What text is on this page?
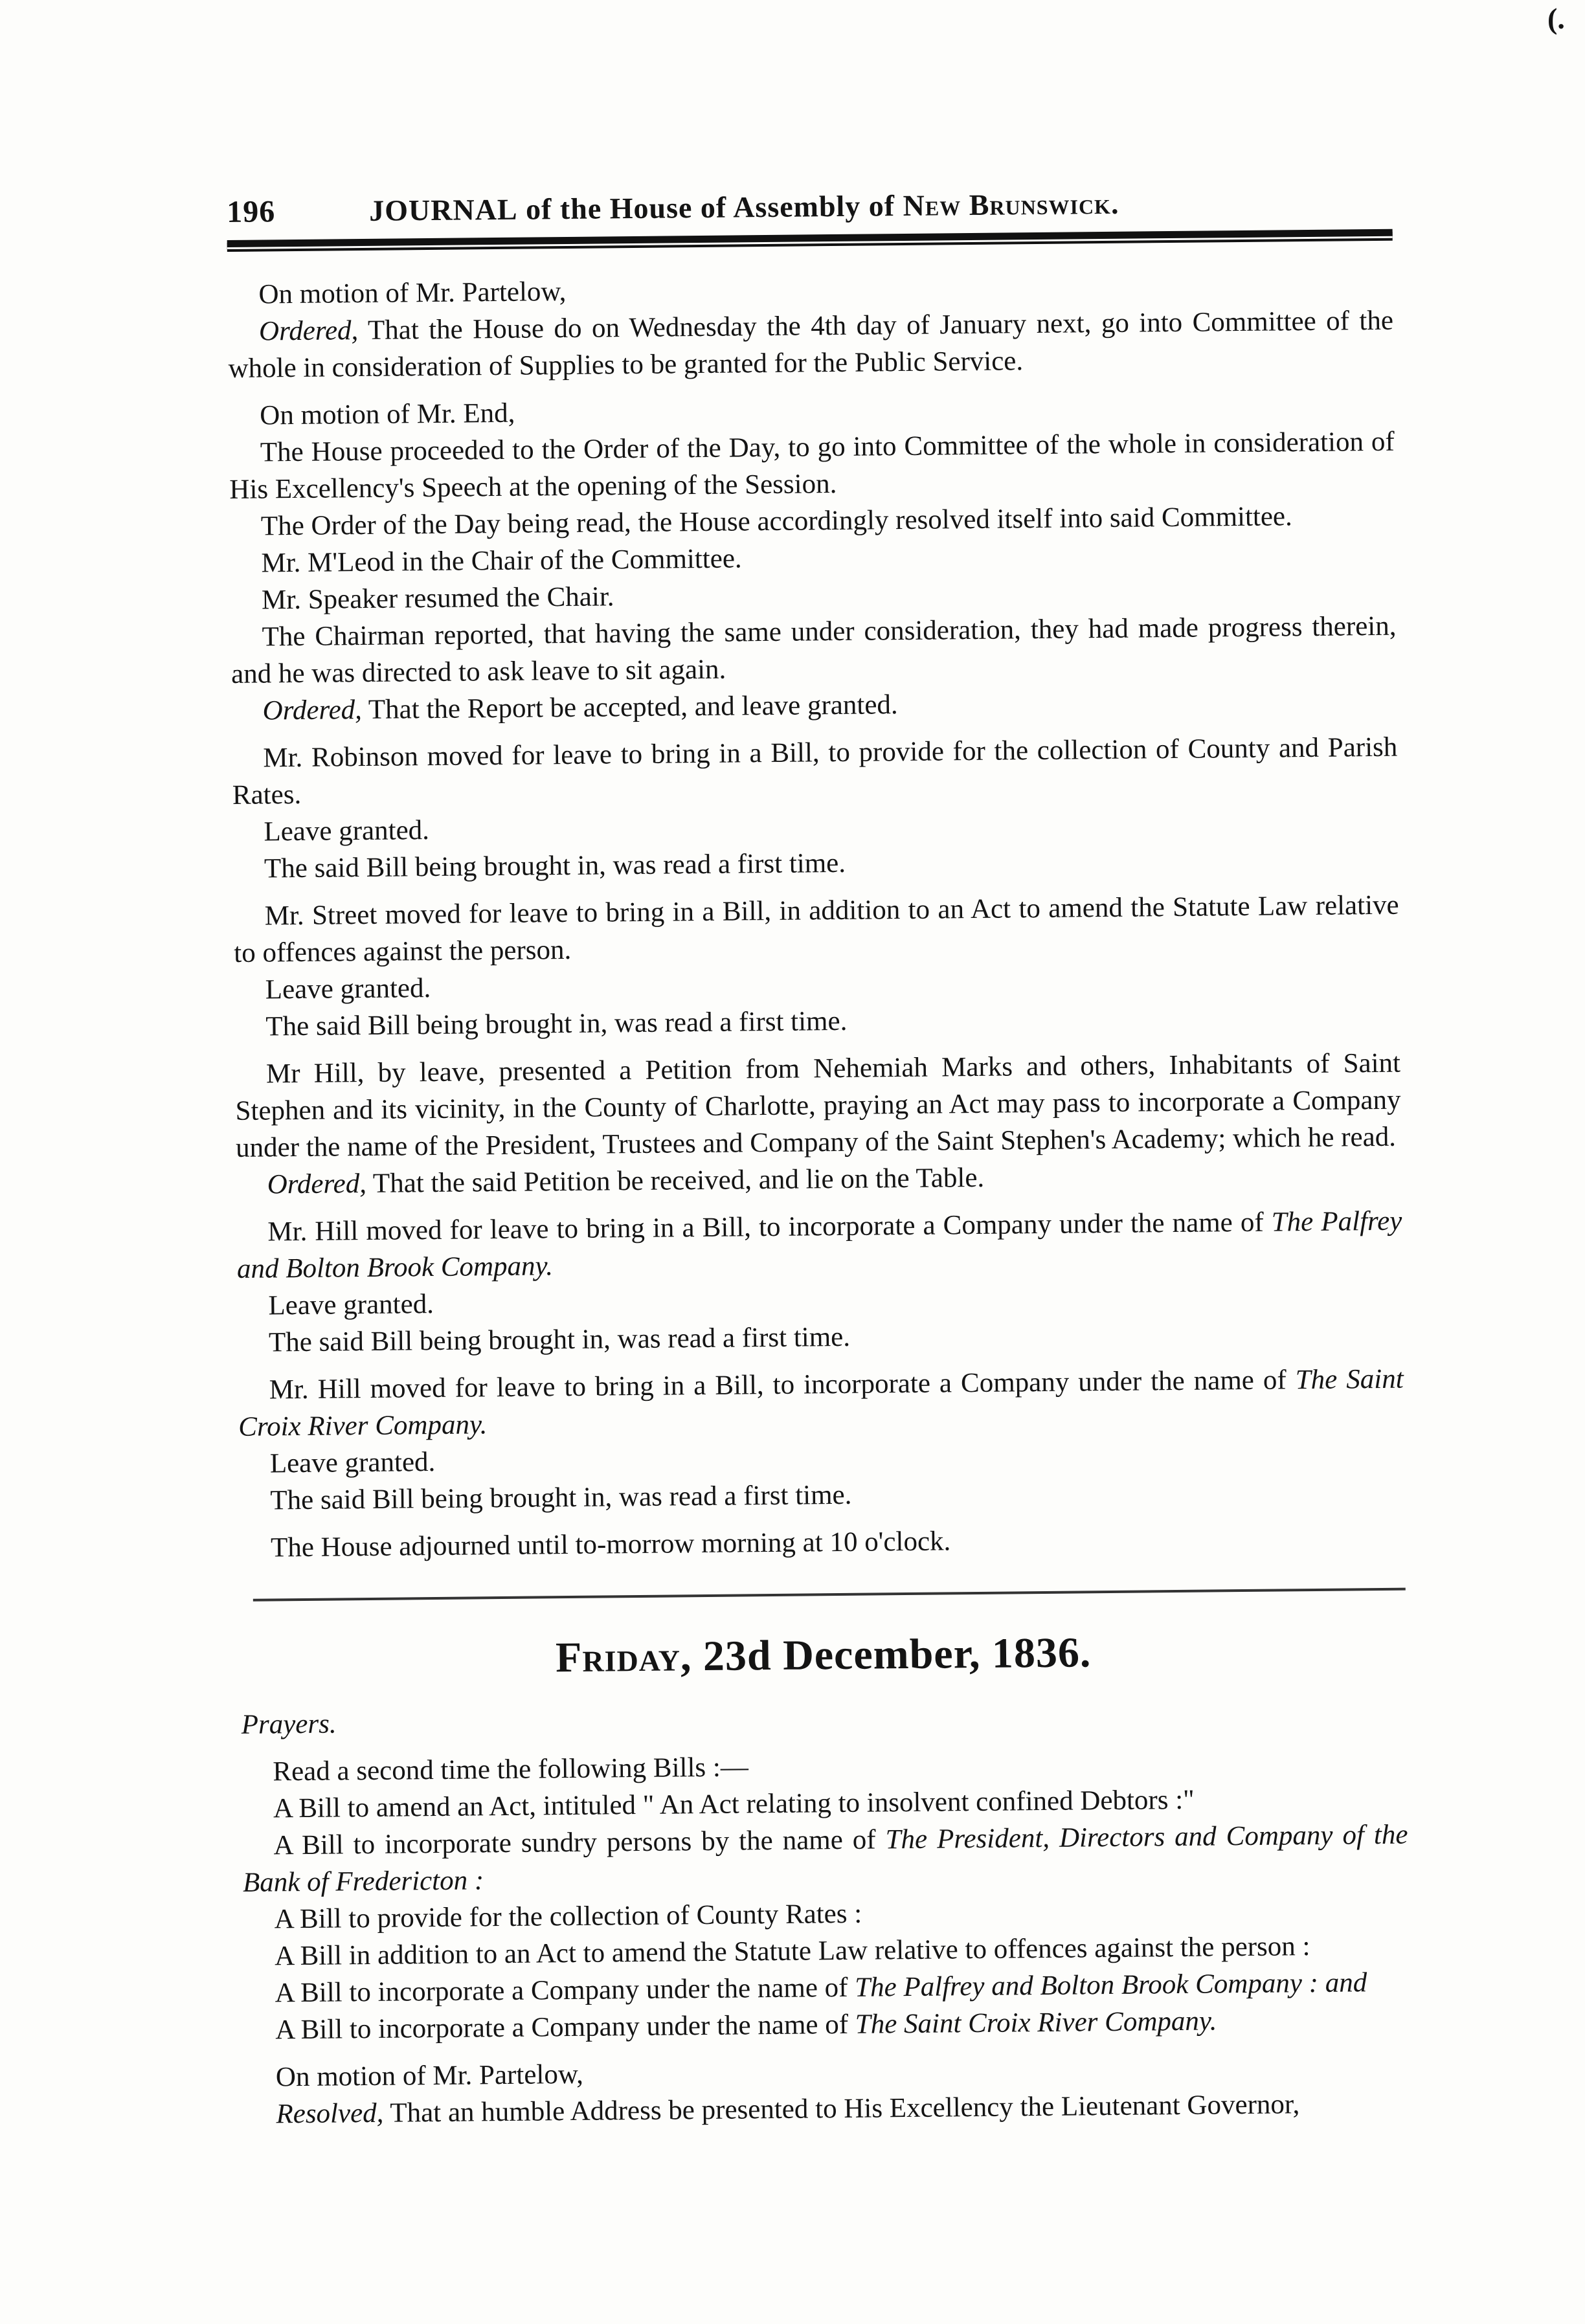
(.
196	JOURNAL
of the House of Assembly of
New Brunswick.

On motion of Mr. Partelow,

Ordered, That the House do on Wednesday the 4th day of January next, go into Committee of the whole in consideration of Supplies to be granted for the Public Service.

On motion of Mr. End,

The House proceeded to the Order of the Day, to go into Committee of the whole in consideration of His Excellency's Speech at the opening of the Session.

The Order of the Day being read, the House accordingly resolved itself into said Committee.

Mr. M'Leod in the Chair of the Committee.

Mr. Speaker resumed the Chair.

The Chairman reported, that having the same under consideration, they had made progress therein, and he was directed to ask leave to sit again.

Ordered, That the Report be accepted, and leave granted.

Mr. Robinson moved for leave to bring in a Bill, to provide for the collection of County and Parish Rates.

Leave granted.

The said Bill being brought in, was read a first time.

Mr. Street moved for leave to bring in a Bill, in addition to an Act to amend the Statute Law relative to offences against the person.

Leave granted.

The said Bill being brought in, was read a first time.

Mr Hill, by leave, presented a Petition from Nehemiah Marks and others, Inhabitants of Saint Stephen and its vicinity, in the County of Charlotte, praying an Act may pass to incorporate a Company under the name of the President, Trustees and Company of the Saint Stephen's Academy; which he read.

Ordered, That the said Petition be received, and lie on the Table.

Mr. Hill moved for leave to bring in a Bill, to incorporate a Company under the name of The Palfrey and Bolton Brook Company.

Leave granted.

The said Bill being brought in, was read a first time.

Mr. Hill moved for leave to bring in a Bill, to incorporate a Company under the name of The Saint Croix River Company.

Leave granted.

The said Bill being brought in, was read a first time.

The House adjourned until to-morrow morning at 10 o'clock.

Friday, 23d December, 1836.

Prayers.

Read a second time the following Bills :—

A Bill to amend an Act, intituled " An Act relating to insolvent confined Debtors :"

A Bill to incorporate sundry persons by the name of The President, Directors and Company of the Bank of Fredericton :

A Bill to provide for the collection of County Rates :

A Bill in addition to an Act to amend the Statute Law relative to offences against the person :

A Bill to incorporate a Company under the name of The Palfrey and Bolton Brook Company : and

A Bill to incorporate a Company under the name of The Saint Croix River Company.

On motion of Mr. Partelow,

Resolved, That an humble Address be presented to His Excellency the Lieutenant Governor,
